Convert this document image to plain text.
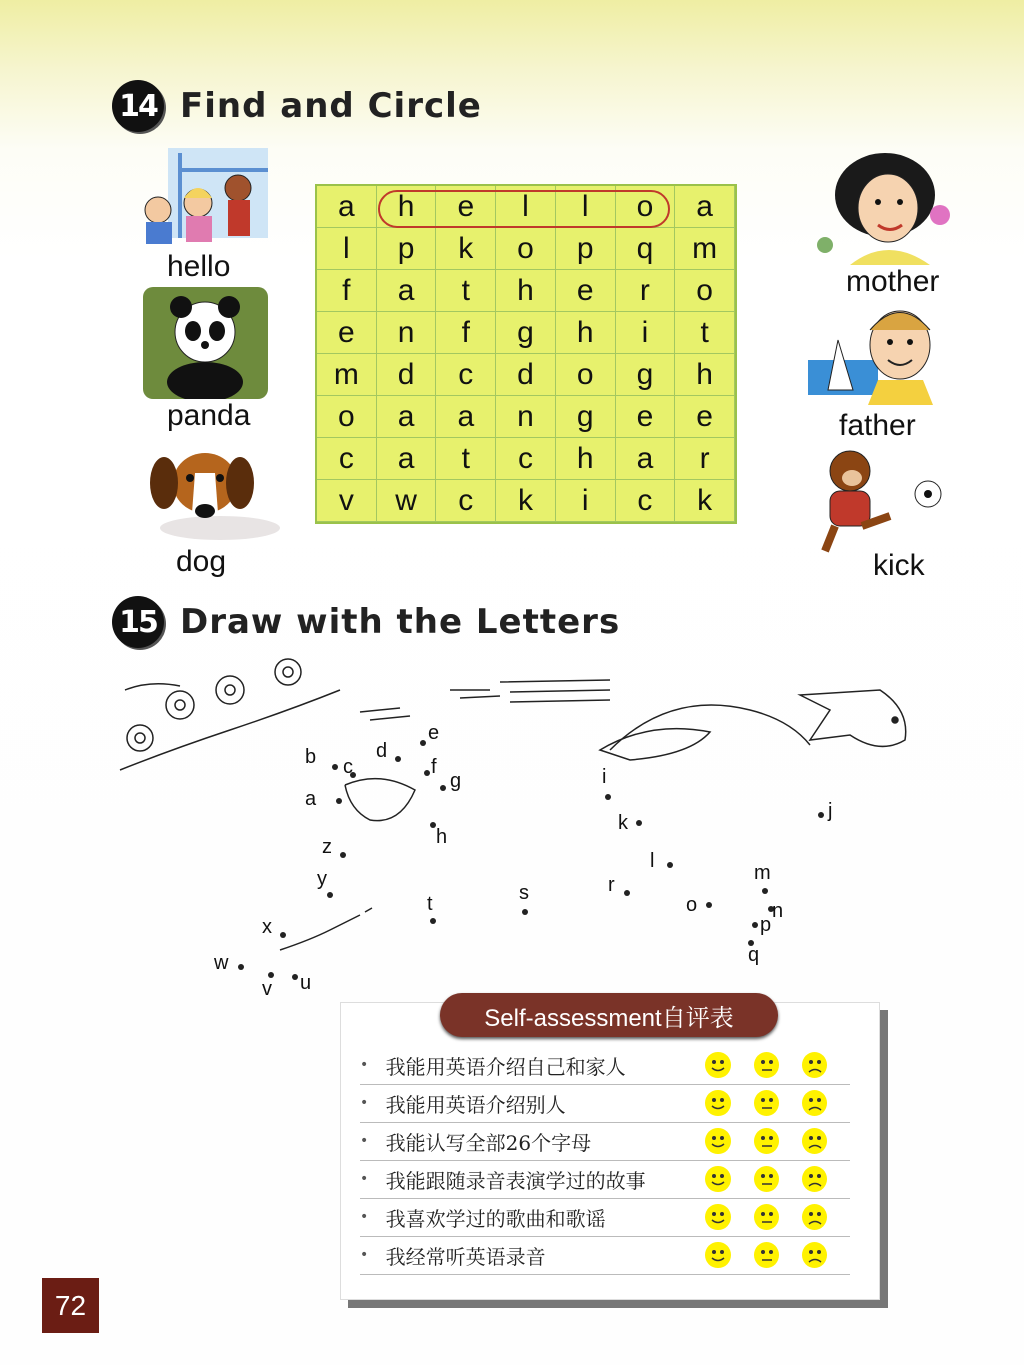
14 Find and Circle
hello
panda
dog
a	h	e	l	l	o	a
l	p	k	o	p	q	m
f	a	t	h	e	r	o
e	n	f	g	h	i	t
m	d	c	d	o	g	h
o	a	a	n	g	e	e
c	a	t	c	h	a	r
v	w	c	k	i	c	k
mother
father
kick
15 Draw with the Letters
a
b c
d
e
f
g
h
i
j
k
l
m
n
o
p
q
r
s
t
u
v
w
x
y
z
Self-assessment自评表
• 我能用英语介绍自己和家人
• 我能用英语介绍别人
• 我能认写全部26个字母
• 我能跟随录音表演学过的故事
• 我喜欢学过的歌曲和歌谣
• 我经常听英语录音
72
